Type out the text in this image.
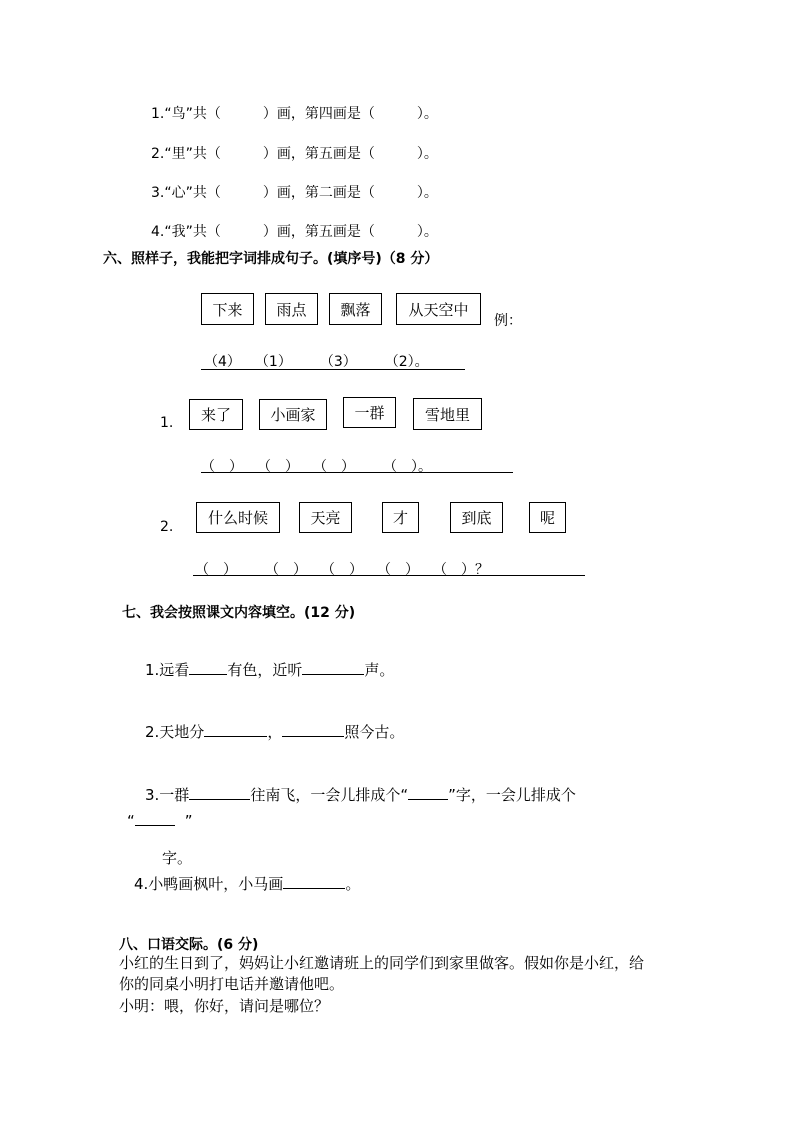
1.“鸟”共（　　　）画，第四画是（　　　）。
2.“里”共（　　　）画，第五画是（　　　）。
3.“心”共（　　　）画，第二画是（　　　）。
4.“我”共（　　　）画，第五画是（　　　）。
六、照样子，我能把字词排成句子。(填序号)（8 分）
下来	雨点	飘落	从天空中
例：
（4）　　（1）　　　（3）　　　（2）。
1.	来了	小画家	一群	雪地里
（　）　　（　）　　（　）　　　（　）。
2.	什么时候	天亮	才	到底	呢
（　）　　　（　）　　（　）　　（　）　　（　）？
七、我会按照课文内容填空。(12 分)
1.远看	有色，近听	声。
2.天地分	，	照今古。
3.一群	往南飞，一会儿排成个“	”字，一会儿排成个
“	”
字。
4.小鸭画枫叶，小马画	。
八、口语交际。(6 分)
小红的生日到了，妈妈让小红邀请班上的同学们到家里做客。假如你是小红，给
你的同桌小明打电话并邀请他吧。
小明：喂，你好，请问是哪位？
